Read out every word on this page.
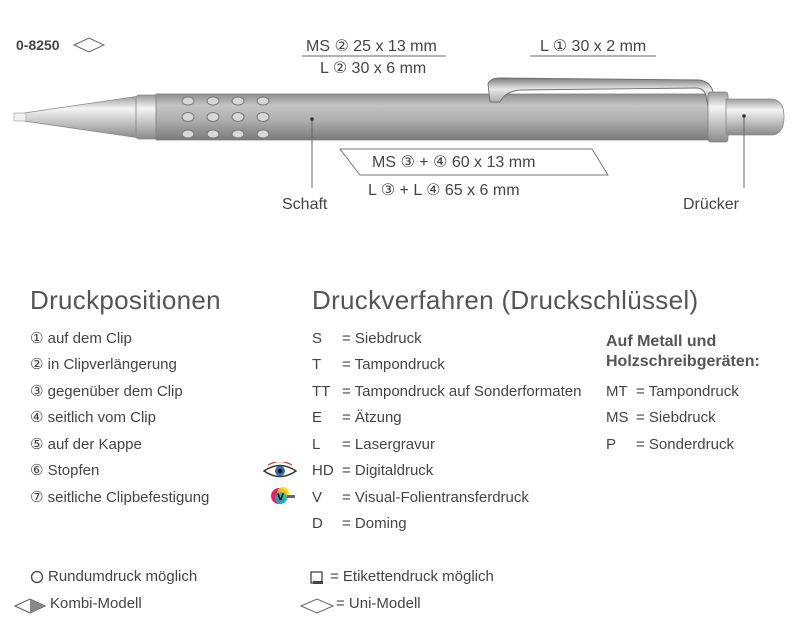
0-8250	MS ② 25 x 13 mm
L ② 30 x 6 mm
L ① 30 x 2 mm
MS ③ + ④ 60 x 13 mm
L ③ + L ④ 65 x 6 mm
Schaft	Drücker
Druckpositionen
① auf dem Clip
② in Clipverlängerung
③ gegenüber dem Clip
④ seitlich vom Clip
⑤ auf der Kappe
⑥ Stopfen
⑦ seitliche Clipbefestigung
Druckverfahren (Druckschlüssel)
S = Siebdruck
T = Tampondruck
TT = Tampondruck auf Sonderformaten
E = Ätzung
L = Lasergravur
HD = Digitaldruck
V = Visual-Folientransferdruck
D = Doming
V
Auf Metall und
Holzschreibgeräten:
MT = Tampondruck
MS = Siebdruck
P = Sonderdruck
Rundumdruck möglich	= Etikettendruck möglich
Kombi-Modell	= Uni-Modell
